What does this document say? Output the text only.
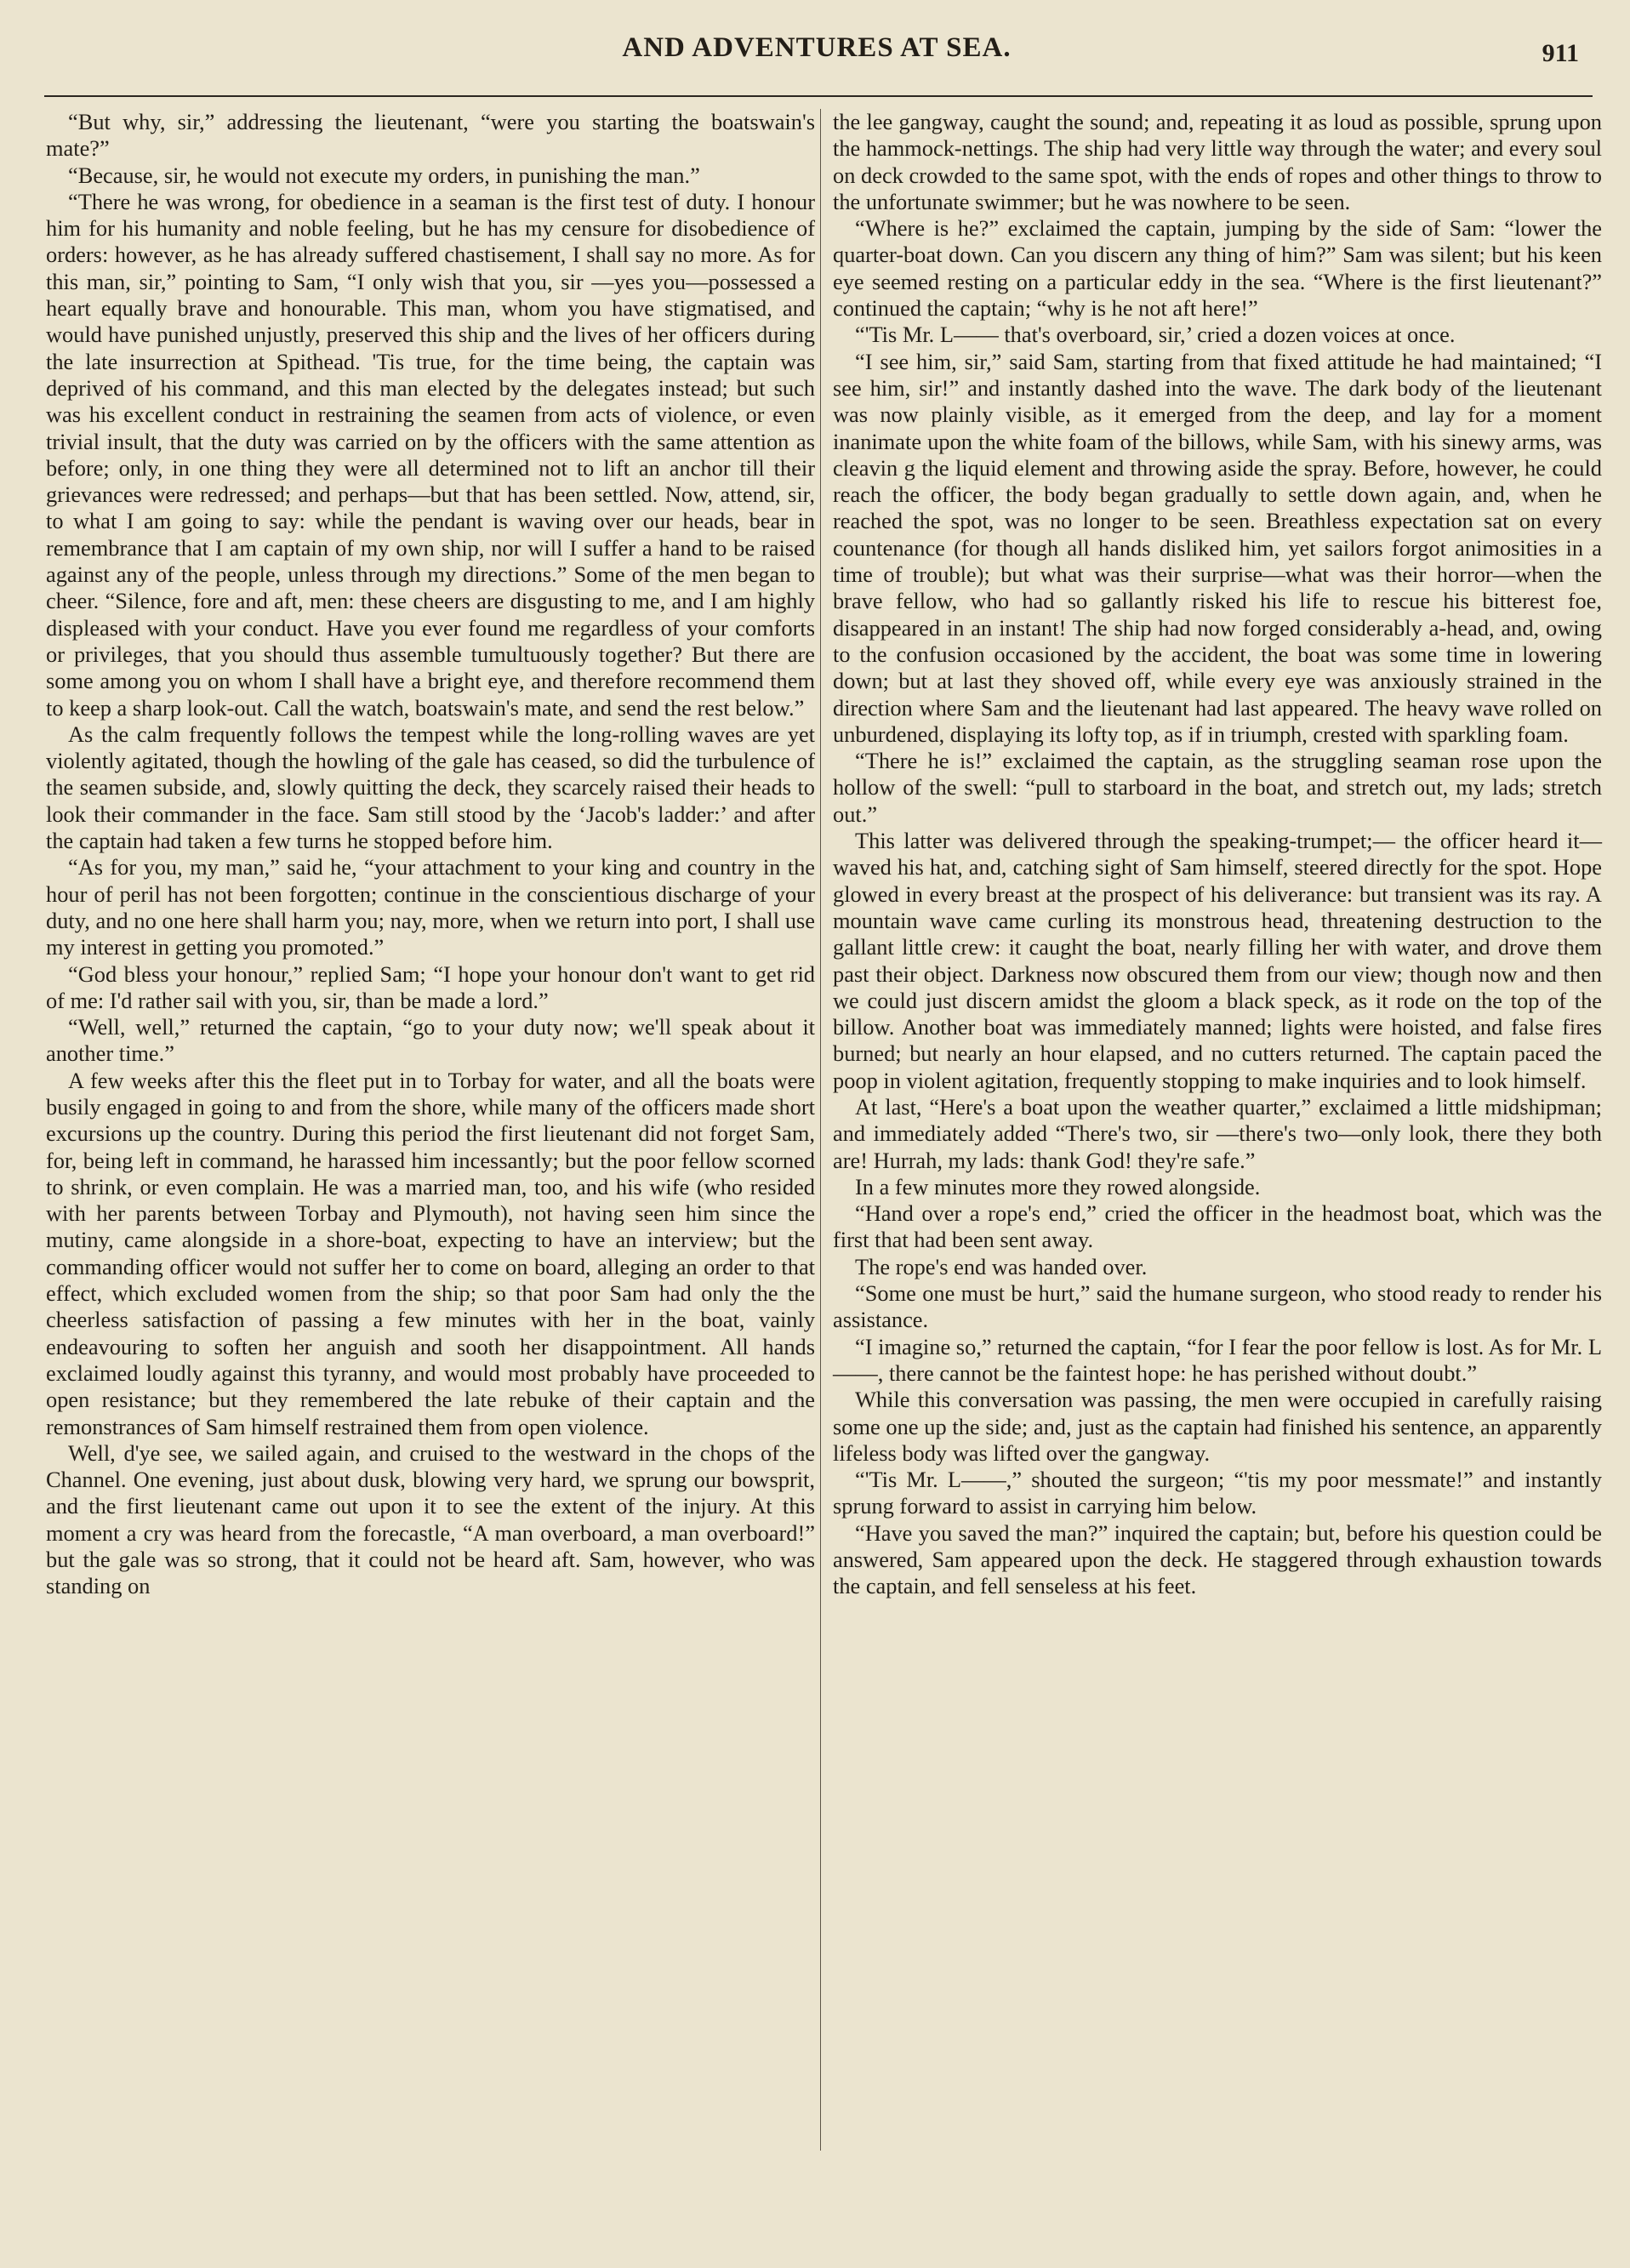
AND ADVENTURES AT SEA.	911

“But why, sir,” addressing the lieutenant, “were you starting the boatswain's mate?”

“Because, sir, he would not execute my orders, in punishing the man.”

“There he was wrong, for obedience in a seaman is the first test of duty. I honour him for his humanity and noble feeling, but he has my censure for disobedience of orders: however, as he has already suffered chastisement, I shall say no more. As for this man, sir,” pointing to Sam, “I only wish that you, sir —yes you—possessed a heart equally brave and honourable. This man, whom you have stigmatised, and would have punished unjustly, preserved this ship and the lives of her officers during the late insurrection at Spithead. 'Tis true, for the time being, the captain was deprived of his command, and this man elected by the delegates instead; but such was his excellent conduct in restraining the seamen from acts of violence, or even trivial insult, that the duty was carried on by the officers with the same attention as before; only, in one thing they were all determined not to lift an anchor till their grievances were redressed; and perhaps—but that has been settled. Now, attend, sir, to what I am going to say: while the pendant is waving over our heads, bear in remembrance that I am captain of my own ship, nor will I suffer a hand to be raised against any of the people, unless through my directions.” Some of the men began to cheer. “Silence, fore and aft, men: these cheers are disgusting to me, and I am highly displeased with your conduct. Have you ever found me regardless of your comforts or privileges, that you should thus assemble tumultuously together? But there are some among you on whom I shall have a bright eye, and therefore recommend them to keep a sharp look-out. Call the watch, boatswain's mate, and send the rest below.”

As the calm frequently follows the tempest while the long-rolling waves are yet violently agitated, though the howling of the gale has ceased, so did the turbulence of the seamen subside, and, slowly quitting the deck, they scarcely raised their heads to look their commander in the face. Sam still stood by the ‘Jacob's ladder:’ and after the captain had taken a few turns he stopped before him.

“As for you, my man,” said he, “your attachment to your king and country in the hour of peril has not been forgotten; continue in the conscientious discharge of your duty, and no one here shall harm you; nay, more, when we return into port, I shall use my interest in getting you promoted.”

“God bless your honour,” replied Sam; “I hope your honour don't want to get rid of me: I'd rather sail with you, sir, than be made a lord.”

“Well, well,” returned the captain, “go to your duty now; we'll speak about it another time.”

A few weeks after this the fleet put in to Torbay for water, and all the boats were busily engaged in going to and from the shore, while many of the officers made short excursions up the country. During this period the first lieutenant did not forget Sam, for, being left in command, he harassed him incessantly; but the poor fellow scorned to shrink, or even complain. He was a married man, too, and his wife (who resided with her parents between Torbay and Plymouth), not having seen him since the mutiny, came alongside in a shore-boat, expecting to have an interview; but the commanding officer would not suffer her to come on board, alleging an order to that effect, which excluded women from the ship; so that poor Sam had only the the cheerless satisfaction of passing a few minutes with her in the boat, vainly endeavouring to soften her anguish and sooth her disappointment. All hands exclaimed loudly against this tyranny, and would most probably have proceeded to open resistance; but they remembered the late rebuke of their captain and the remonstrances of Sam himself restrained them from open violence.

Well, d'ye see, we sailed again, and cruised to the westward in the chops of the Channel. One evening, just about dusk, blowing very hard, we sprung our bowsprit, and the first lieutenant came out upon it to see the extent of the injury. At this moment a cry was heard from the forecastle, “A man overboard, a man overboard!” but the gale was so strong, that it could not be heard aft. Sam, however, who was standing on

the lee gangway, caught the sound; and, repeating it as loud as possible, sprung upon the hammock-nettings. The ship had very little way through the water; and every soul on deck crowded to the same spot, with the ends of ropes and other things to throw to the unfortunate swimmer; but he was nowhere to be seen.

“Where is he?” exclaimed the captain, jumping by the side of Sam: “lower the quarter-boat down. Can you discern any thing of him?” Sam was silent; but his keen eye seemed resting on a particular eddy in the sea. “Where is the first lieutenant?” continued the captain; “why is he not aft here!”

“'Tis Mr. L—— that's overboard, sir,’ cried a dozen voices at once.

“I see him, sir,” said Sam, starting from that fixed attitude he had maintained; “I see him, sir!” and instantly dashed into the wave. The dark body of the lieutenant was now plainly visible, as it emerged from the deep, and lay for a moment inanimate upon the white foam of the billows, while Sam, with his sinewy arms, was cleavin g the liquid element and throwing aside the spray. Before, however, he could reach the officer, the body began gradually to settle down again, and, when he reached the spot, was no longer to be seen. Breathless expectation sat on every countenance (for though all hands disliked him, yet sailors forgot animosities in a time of trouble); but what was their surprise—what was their horror—when the brave fellow, who had so gallantly risked his life to rescue his bitterest foe, disappeared in an instant! The ship had now forged considerably a-head, and, owing to the confusion occasioned by the accident, the boat was some time in lowering down; but at last they shoved off, while every eye was anxiously strained in the direction where Sam and the lieutenant had last appeared. The heavy wave rolled on unburdened, displaying its lofty top, as if in triumph, crested with sparkling foam.

“There he is!” exclaimed the captain, as the struggling seaman rose upon the hollow of the swell: “pull to starboard in the boat, and stretch out, my lads; stretch out.”

This latter was delivered through the speaking-trumpet;— the officer heard it—waved his hat, and, catching sight of Sam himself, steered directly for the spot. Hope glowed in every breast at the prospect of his deliverance: but transient was its ray. A mountain wave came curling its monstrous head, threatening destruction to the gallant little crew: it caught the boat, nearly filling her with water, and drove them past their object. Darkness now obscured them from our view; though now and then we could just discern amidst the gloom a black speck, as it rode on the top of the billow. Another boat was immediately manned; lights were hoisted, and false fires burned; but nearly an hour elapsed, and no cutters returned. The captain paced the poop in violent agitation, frequently stopping to make inquiries and to look himself.

At last, “Here's a boat upon the weather quarter,” exclaimed a little midshipman; and immediately added “There's two, sir —there's two—only look, there they both are! Hurrah, my lads: thank God! they're safe.”

In a few minutes more they rowed alongside.

“Hand over a rope's end,” cried the officer in the headmost boat, which was the first that had been sent away.

The rope's end was handed over.

“Some one must be hurt,” said the humane surgeon, who stood ready to render his assistance.

“I imagine so,” returned the captain, “for I fear the poor fellow is lost. As for Mr. L——, there cannot be the faintest hope: he has perished without doubt.”

While this conversation was passing, the men were occupied in carefully raising some one up the side; and, just as the captain had finished his sentence, an apparently lifeless body was lifted over the gangway.

“'Tis Mr. L——,” shouted the surgeon; “'tis my poor messmate!” and instantly sprung forward to assist in carrying him below.

“Have you saved the man?” inquired the captain; but, before his question could be answered, Sam appeared upon the deck. He staggered through exhaustion towards the captain, and fell senseless at his feet.
